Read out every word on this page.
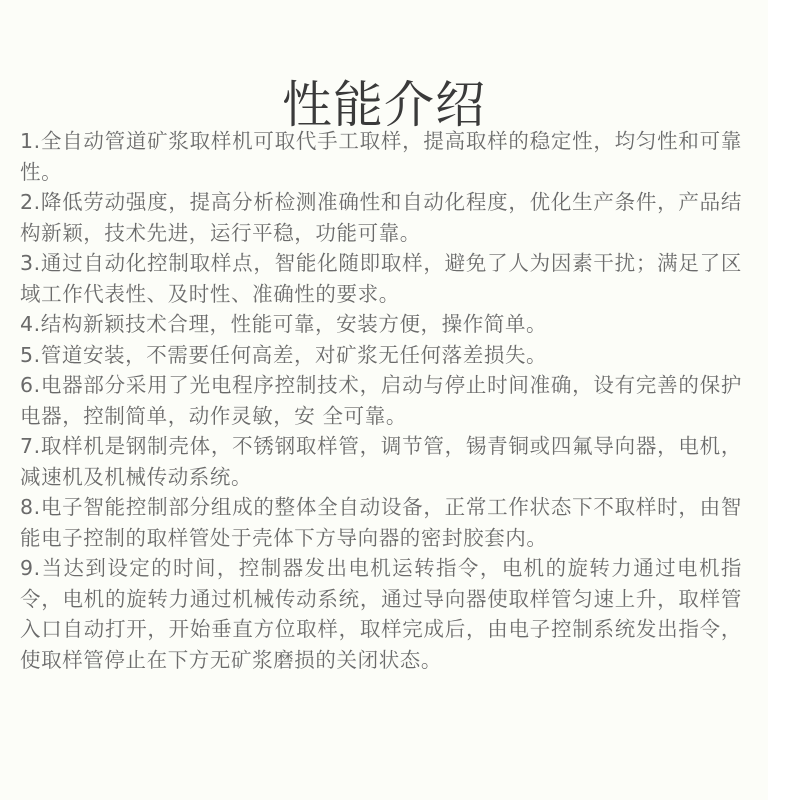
性能介绍

1.全自动管道矿浆取样机可取代手工取样，提高取样的稳定性，均匀性和可靠性。

2.降低劳动强度，提高分析检测准确性和自动化程度，优化生产条件，产品结构新颖，技术先进，运行平稳，功能可靠。

3.通过自动化控制取样点，智能化随即取样，避免了人为因素干扰；满足了区域工作代表性、及时性、准确性的要求。

4.结构新颖技术合理，性能可靠，安装方便，操作简单。

5.管道安装，不需要任何高差，对矿浆无任何落差损失。

6.电器部分采用了光电程序控制技术，启动与停止时间准确，设有完善的保护电器，控制简单，动作灵敏，安 全可靠。

7.取样机是钢制壳体，不锈钢取样管，调节管，锡青铜或四氟导向器，电机，减速机及机械传动系统。

8.电子智能控制部分组成的整体全自动设备，正常工作状态下不取样时，由智能电子控制的取样管处于壳体下方导向器的密封胶套内。

9.当达到设定的时间，控制器发出电机运转指令，电机的旋转力通过电机指令，电机的旋转力通过机械传动系统，通过导向器使取样管匀速上升，取样管入口自动打开，开始垂直方位取样，取样完成后，由电子控制系统发出指令，使取样管停止在下方无矿浆磨损的关闭状态。
